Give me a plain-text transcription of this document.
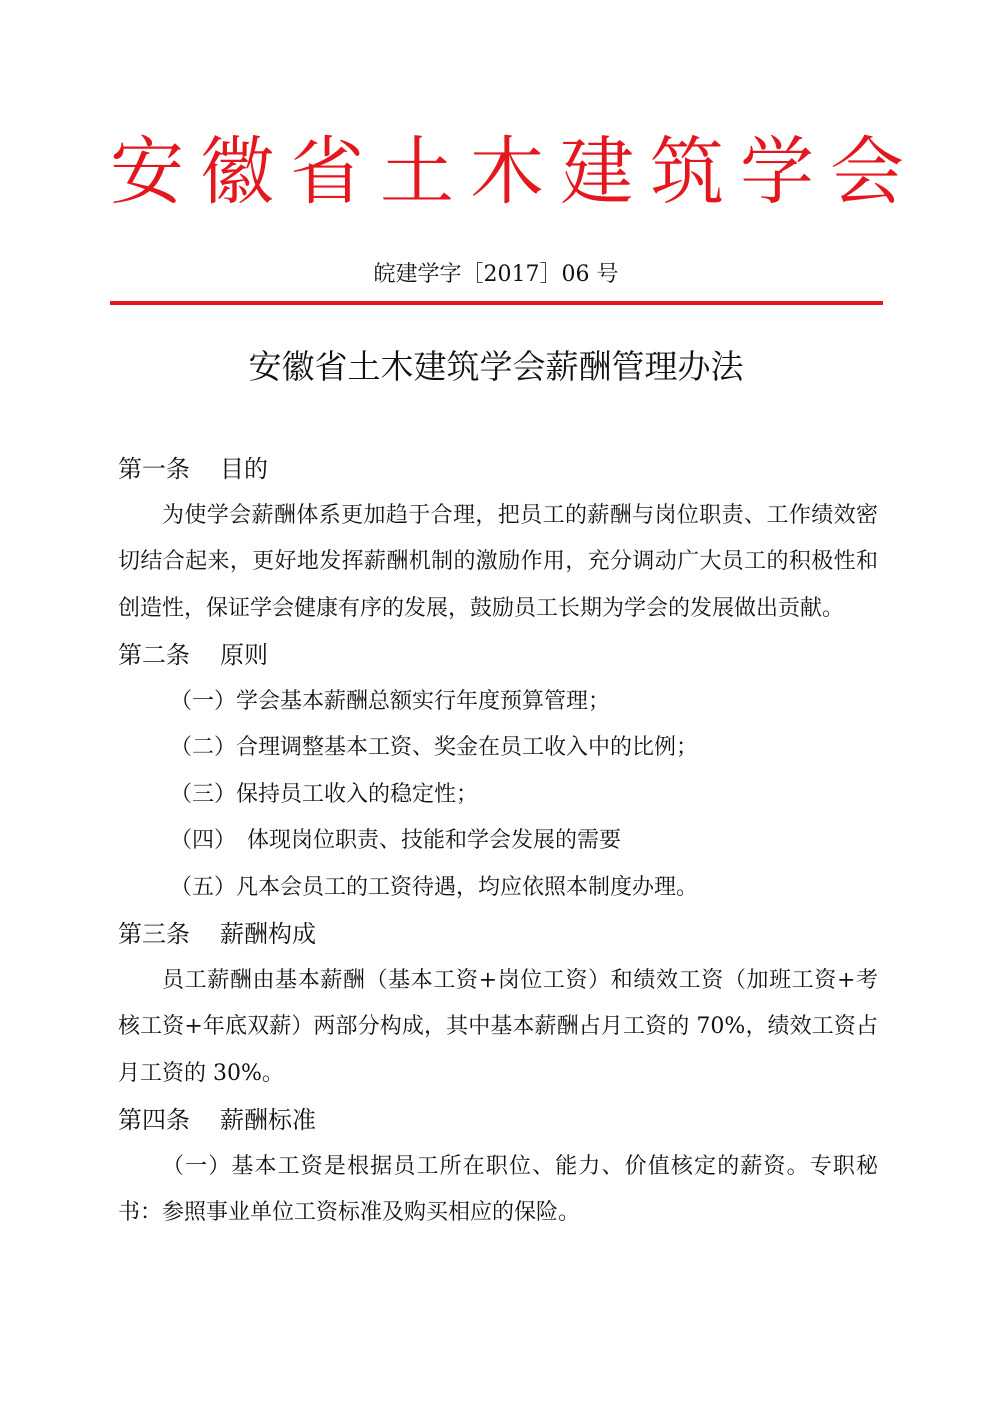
安徽省土木建筑学会
皖建学字［2017］06 号
安徽省土木建筑学会薪酬管理办法
第一条 目的

为使学会薪酬体系更加趋于合理，把员工的薪酬与岗位职责、工作绩效密切结合起来，更好地发挥薪酬机制的激励作用，充分调动广大员工的积极性和创造性，保证学会健康有序的发展，鼓励员工长期为学会的发展做出贡献。

第二条 原则
（一）学会基本薪酬总额实行年度预算管理；
（二）合理调整基本工资、奖金在员工收入中的比例；
（三）保持员工收入的稳定性；
（四）　体现岗位职责、技能和学会发展的需要
（五）凡本会员工的工资待遇，均应依照本制度办理。
第三条 薪酬构成

员工薪酬由基本薪酬（基本工资+岗位工资）和绩效工资（加班工资+考核工资+年底双薪）两部分构成，其中基本薪酬占月工资的 70%，绩效工资占月工资的 30%。

第四条 薪酬标准

（一）基本工资是根据员工所在职位、能力、价值核定的薪资。专职秘书：参照事业单位工资标准及购买相应的保险。
